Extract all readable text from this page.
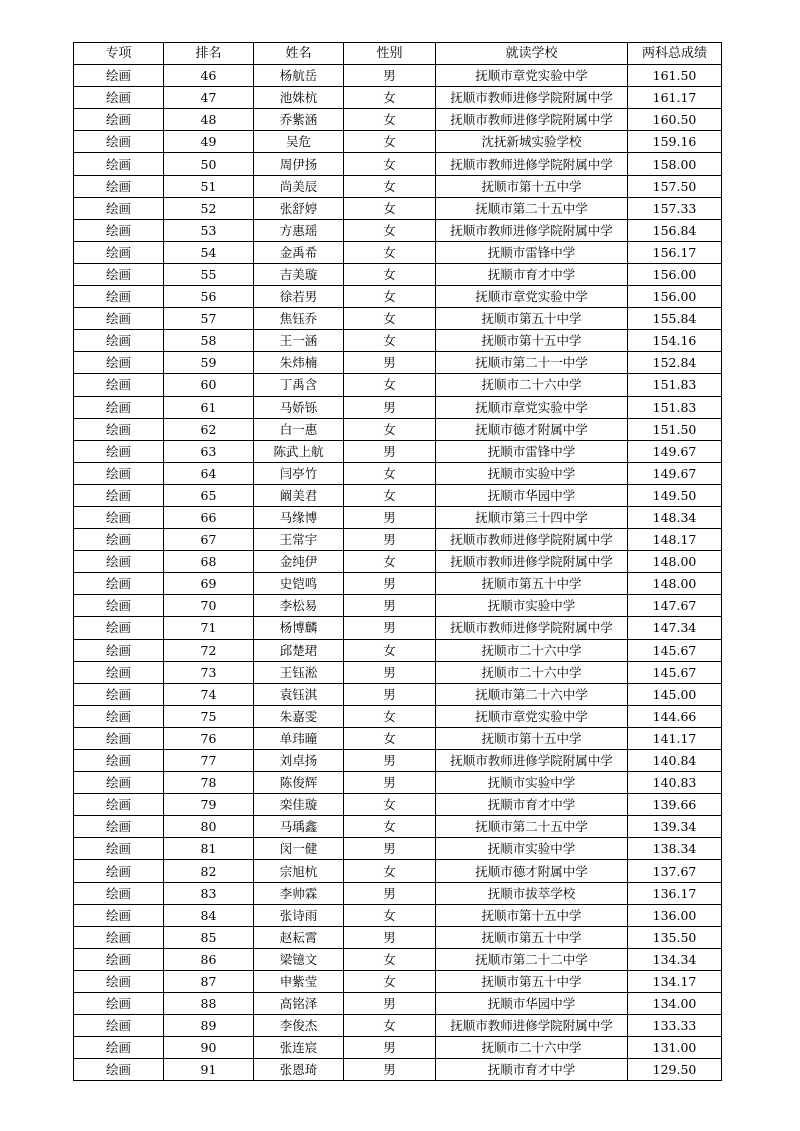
专项	排名	姓名	性别	就读学校	两科总成绩
绘画	46	杨航岳	男	抚顺市章党实验中学	161.50
绘画	47	池姝杭	女	抚顺市教师进修学院附属中学	161.17
绘画	48	乔紫涵	女	抚顺市教师进修学院附属中学	160.50
绘画	49	吴危	女	沈抚新城实验学校	159.16
绘画	50	周伊扬	女	抚顺市教师进修学院附属中学	158.00
绘画	51	尚美辰	女	抚顺市第十五中学	157.50
绘画	52	张舒婷	女	抚顺市第二十五中学	157.33
绘画	53	方惠瑶	女	抚顺市教师进修学院附属中学	156.84
绘画	54	金禹希	女	抚顺市雷锋中学	156.17
绘画	55	吉美璇	女	抚顺市育才中学	156.00
绘画	56	徐若男	女	抚顺市章党实验中学	156.00
绘画	57	焦钰乔	女	抚顺市第五十中学	155.84
绘画	58	王一涵	女	抚顺市第十五中学	154.16
绘画	59	朱炜楠	男	抚顺市第二十一中学	152.84
绘画	60	丁禹含	女	抚顺市二十六中学	151.83
绘画	61	马娇铄	男	抚顺市章党实验中学	151.83
绘画	62	白一惠	女	抚顺市德才附属中学	151.50
绘画	63	陈武上航	男	抚顺市雷锋中学	149.67
绘画	64	闫亭竹	女	抚顺市实验中学	149.67
绘画	65	阚美君	女	抚顺市华园中学	149.50
绘画	66	马缘博	男	抚顺市第三十四中学	148.34
绘画	67	王常宇	男	抚顺市教师进修学院附属中学	148.17
绘画	68	金纯伊	女	抚顺市教师进修学院附属中学	148.00
绘画	69	史铠鸣	男	抚顺市第五十中学	148.00
绘画	70	李松易	男	抚顺市实验中学	147.67
绘画	71	杨博麟	男	抚顺市教师进修学院附属中学	147.34
绘画	72	邱楚珺	女	抚顺市二十六中学	145.67
绘画	73	王钰淞	男	抚顺市二十六中学	145.67
绘画	74	袁钰淇	男	抚顺市第二十六中学	145.00
绘画	75	朱嘉雯	女	抚顺市章党实验中学	144.66
绘画	76	单玮曈	女	抚顺市第十五中学	141.17
绘画	77	刘卓扬	男	抚顺市教师进修学院附属中学	140.84
绘画	78	陈俊辉	男	抚顺市实验中学	140.83
绘画	79	栾佳璇	女	抚顺市育才中学	139.66
绘画	80	马瑀鑫	女	抚顺市第二十五中学	139.34
绘画	81	闵一健	男	抚顺市实验中学	138.34
绘画	82	宗旭杭	女	抚顺市德才附属中学	137.67
绘画	83	李帅霖	男	抚顺市拔萃学校	136.17
绘画	84	张诗雨	女	抚顺市第十五中学	136.00
绘画	85	赵耘霄	男	抚顺市第五十中学	135.50
绘画	86	梁镱文	女	抚顺市第二十二中学	134.34
绘画	87	申紫莹	女	抚顺市第五十中学	134.17
绘画	88	高铭泽	男	抚顺市华园中学	134.00
绘画	89	李俊杰	女	抚顺市教师进修学院附属中学	133.33
绘画	90	张连宸	男	抚顺市二十六中学	131.00
绘画	91	张恩琦	男	抚顺市育才中学	129.50
